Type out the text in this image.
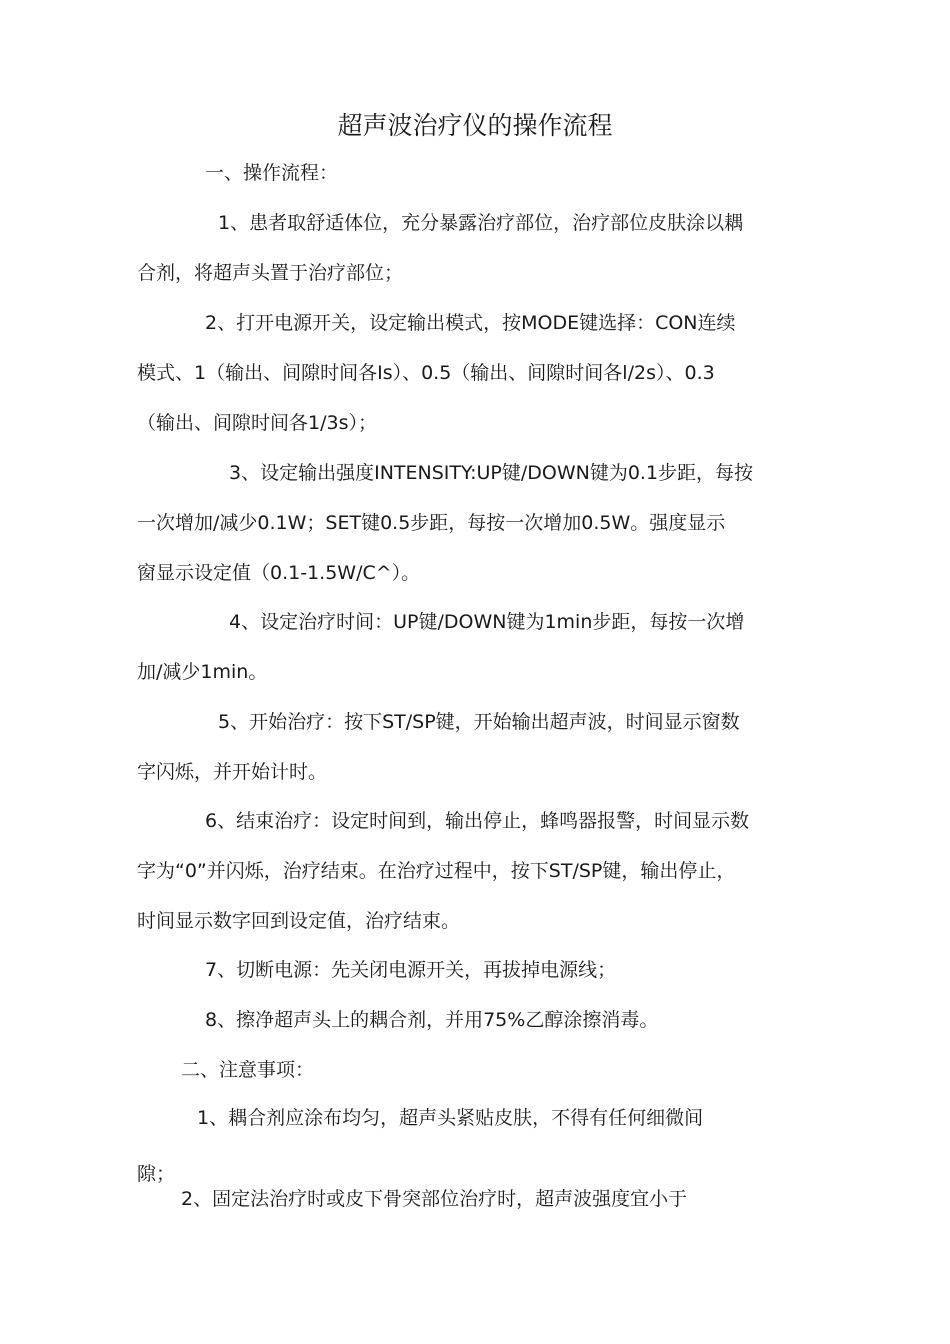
超声波治疗仪的操作流程
一、操作流程：
1、患者取舒适体位，充分暴露治疗部位，治疗部位皮肤涂以耦
合剂，将超声头置于治疗部位；
2、打开电源开关，设定输出模式，按MODE键选择：CON连续
模式、1（输出、间隙时间各Is）、0.5（输出、间隙时间各l/2s）、0.3
（输出、间隙时间各1/3s）；
3、设定输出强度INTENSITY:UP键/DOWN键为0.1步距，每按
一次增加/减少0.1W；SET键0.5步距，每按一次增加0.5W。强度显示
窗显示设定值（0.1-1.5W/C^）。
4、设定治疗时间：UP键/DOWN键为1min步距，每按一次增
加/减少1min。
5、开始治疗：按下ST/SP键，开始输出超声波，时间显示窗数
字闪烁，并开始计时。
6、结束治疗：设定时间到，输出停止，蜂鸣器报警，时间显示数
字为“0”并闪烁，治疗结束。在治疗过程中，按下ST/SP键，输出停止，
时间显示数字回到设定值，治疗结束。
7、切断电源：先关闭电源开关，再拔掉电源线；
8、擦净超声头上的耦合剂，并用75%乙醇涂擦消毒。
二、注意事项：
1、耦合剂应涂布均匀，超声头紧贴皮肤，不得有任何细微间
隙；
2、固定法治疗时或皮下骨突部位治疗时，超声波强度宜小于
